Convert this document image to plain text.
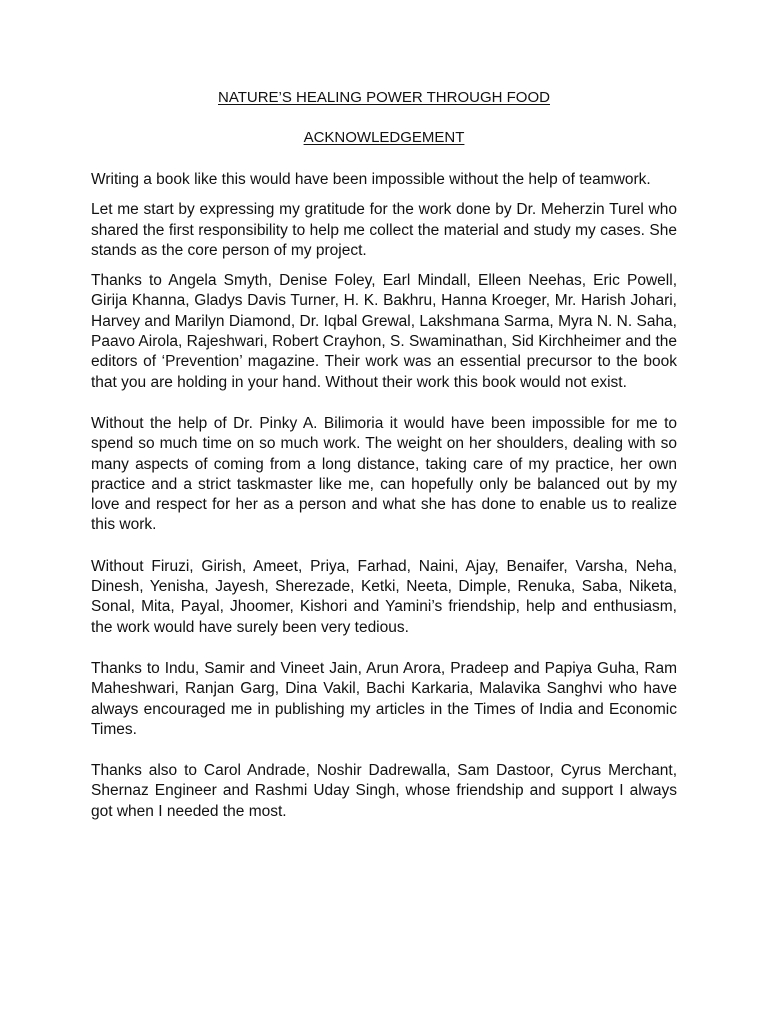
NATURE’S HEALING POWER THROUGH FOOD
ACKNOWLEDGEMENT

Writing a book like this would have been impossible without the help of teamwork.

Let me start by expressing my gratitude for the work done by Dr. Meherzin Turel who shared the first responsibility to help me collect the material and study my cases. She stands as the core person of my project.

Thanks to Angela Smyth, Denise Foley, Earl Mindall, Elleen Neehas, Eric Powell, Girija Khanna, Gladys Davis Turner, H. K. Bakhru, Hanna Kroeger, Mr. Harish Johari, Harvey and Marilyn Diamond, Dr. Iqbal Grewal, Lakshmana Sarma, Myra N. N. Saha, Paavo Airola, Rajeshwari, Robert Crayhon, S. Swaminathan, Sid Kirchheimer and the editors of ‘Prevention’ magazine. Their work was an essential precursor to the book that you are holding in your hand. Without their work this book would not exist.

Without the help of Dr. Pinky A. Bilimoria it would have been impossible for me to spend so much time on so much work. The weight on her shoulders, dealing with so many aspects of coming from a long distance, taking care of my practice, her own practice and a strict taskmaster like me, can hopefully only be balanced out by my love and respect for her as a person and what she has done to enable us to realize this work.

Without Firuzi, Girish, Ameet, Priya, Farhad, Naini, Ajay, Benaifer, Varsha, Neha, Dinesh, Yenisha, Jayesh, Sherezade, Ketki, Neeta, Dimple, Renuka, Saba, Niketa, Sonal, Mita, Payal, Jhoomer, Kishori and Yamini’s friendship, help and enthusiasm, the work would have surely been very tedious.

Thanks to Indu, Samir and Vineet Jain, Arun Arora, Pradeep and Papiya Guha, Ram Maheshwari, Ranjan Garg, Dina Vakil, Bachi Karkaria, Malavika Sanghvi who have always encouraged me in publishing my articles in the Times of India and Economic Times.

Thanks also to Carol Andrade, Noshir Dadrewalla, Sam Dastoor, Cyrus Merchant, Shernaz Engineer and Rashmi Uday Singh, whose friendship and support I always got when I needed the most.
